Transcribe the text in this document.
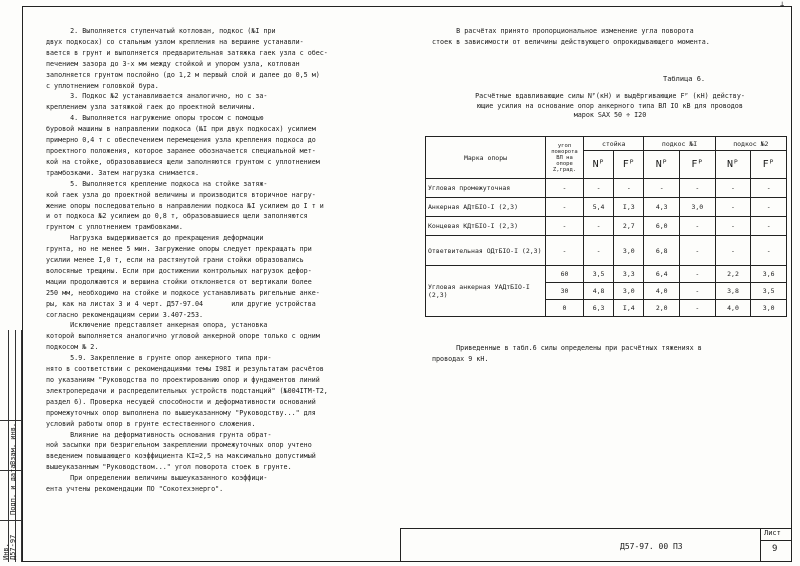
⊥
Инв. Д57-97
Подп. и дата
Взам. инв.
2. Выполняется ступенчатый котлован, подкос (№I при
двух подкосах) со стальным узлом крепления на вершине устанавли-
вается в грунт и выполняется предварительная затяжка гаек узла с обес-
печением зазора до 3-х мм между стойкой и упором узла, котлован
заполняется грунтом послойно (до 1,2 м первый слой и далее до 0,5 м)
с уплотнением головкой бура.
3. Подкос №2 устанавливается аналогично, но с за-
креплением узла затяжкой гаек до проектной величины.
4. Выполняется нагружение опоры тросом с помощью
буровой машины в направлении подкоса (№I при двух подкосах) усилием
примерно 0,4 т с обеспечением перемещения узла крепления подкоса до
проектного положения, которое заранее обозначается специальной мет-
кой на стойке, образовавшиеся щели заполняются грунтом с уплотнением
трамбозками. Затем нагрузка снимается.
5. Выполняется крепление подкоса на стойке затяж-
кой гаек узла до проектной величины и производится вторичное нагру-
жение опоры последовательно в направлении подкоса №I усилием до I т и
и от подкоса №2 усилием до 0,8 т, образовавшиеся щели заполняются
грунтом с уплотнением трамбовками.
Нагрузка выдерживается до прекращения деформации
грунта, но не менее 5 мин. Загружение опоры следует прекращать при
усилии менее I,0 т, если на растянутой грани стойки образовались
волосяные трещины. Если при достижении контрольных нагрузок дефор-
мации продолжаются и вершина стойки отклоняется от вертикали более
250 мм, необходимо на стойке и подкосе устанавливать ригельные анке-
ры, как на листах 3 и 4 черт. Д57-97.04       или другие устройства
согласно рекомендациям серии 3.407-253.
Исключение представляет анкерная опора, установка
которой выполняется аналогично угловой анкерной опоре только с одним
подкосом № 2.
5.9. Закрепление в грунте опор анкерного типа при-
нято в соответствии с рекомендациями темы I98I и результатам расчётов
по указаниям "Руководства по проектированию опор и фундаментов линий
электропередачи и распределительных устройств подстанций" (№004ITM-T2,
раздел 6). Проверка несущей способности и деформативности оснований
промежуточных опор выполнена по вышеуказанному "Руководству..." для
условий работы опор в грунте естественного сложения.
Влияние на деформативность основания грунта обрат-
ной засыпки при безригельном закреплении промежуточных опор учтено
введением повышающего коэффициента KI=2,5 на максимально допустимый
вышеуказанным "Руководством..." угол поворота стоек в грунте.
При определении величины вышеуказанного коэффици-
ента учтены рекомендации ПО "Сокотехэнерго".
В расчётах принято пропорциональное изменение угла поворота
стоек в зависимости от величины действующего опрокидывающего момента.
Таблица 6.
Расчётные вдавливающие силы Nᴾ(кН) и выдёргивающие Fᴾ (кН) действу-
ющие усилия на основание опор анкерного типа ВЛ IO кВ для проводов
марок SAX 50 ÷ I20
Марка опоры	угол поворота ВЛ на опоре Z,град.	стойка		подкос №I		подкос №2	
		Nᴾ	Fᴾ	Nᴾ	Fᴾ	Nᴾ	Fᴾ
Угловая промежуточная	-	-	-	-	-	-	-
Анкерная АДтБIO-I (2,3)	-	5,4	I,3	4,3	3,0	-	-
Концевая КДтБIO-I (2,3)	-	-	2,7	6,0	-	-	-
Ответвительная ОДтБIO-I (2,3)	-	-	3,0	6,8	-	-	-
Угловая анкерная УАДтБIO-I (2,3)	60	3,5	3,3	6,4	-	2,2	3,6
	30	4,8	3,0	4,0	-	3,8	3,5
	0	6,3	I,4	2,0	-	4,0	3,0
Приведенные в табл.6 силы определены при расчётных тяжениях в
проводах 9 кН.
Д57-97. 00 ПЗ
Лист
9
